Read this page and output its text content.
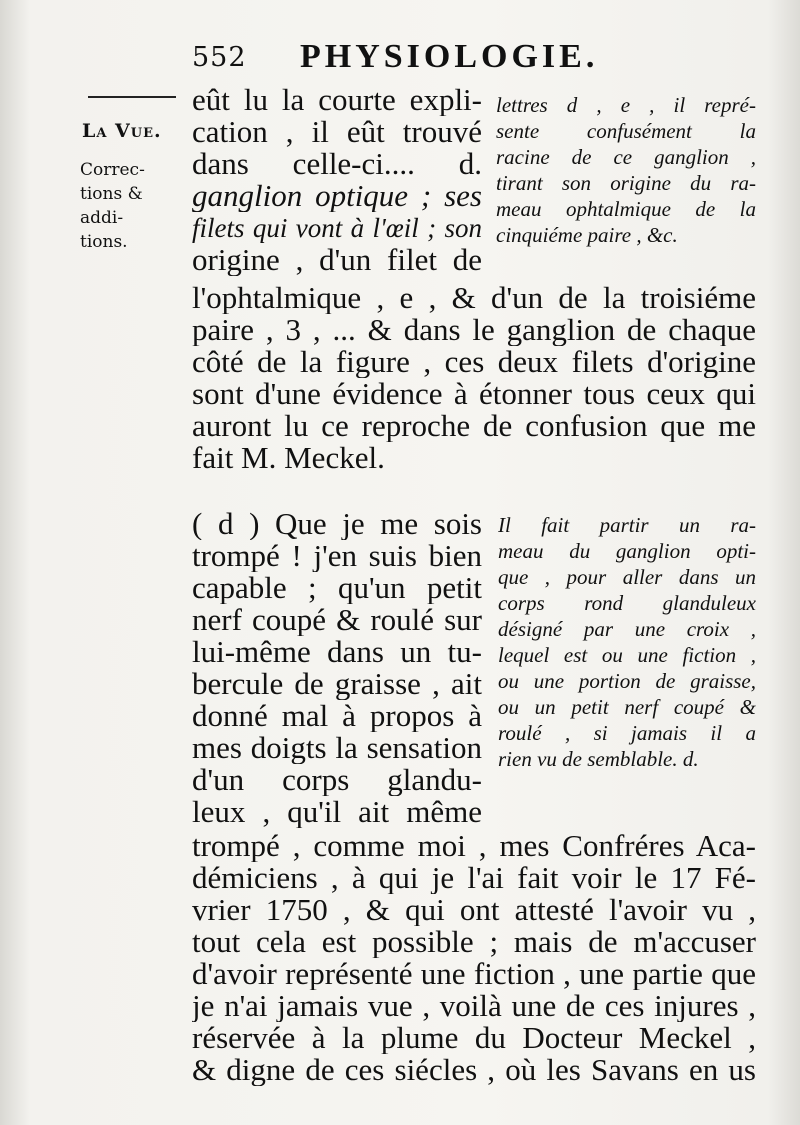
552 PHYSIOLOGIE.
La Vue.
Correc-
tions &
addi-
tions.
eût lu la courte expli-
cation , il eût trouvé
dans celle-ci.... d.
ganglion optique ; ses
filets qui vont à l'œil ; son
origine , d'un filet de
lettres d , e , il repré-
sente confusément la
racine de ce ganglion ,
tirant son origine du ra-
meau ophtalmique de la
cinquiéme paire , &c.
l'ophtalmique , e , & d'un de la troisiéme
paire , 3 , ... & dans le ganglion de chaque
côté de la figure , ces deux filets d'origine
sont d'une évidence à étonner tous ceux qui
auront lu ce reproche de confusion que me
fait M. Meckel.
( d ) Que je me sois
trompé ! j'en suis bien
capable ; qu'un petit
nerf coupé & roulé sur
lui-même dans un tu-
bercule de graisse , ait
donné mal à propos à
mes doigts la sensation
d'un corps glandu-
leux , qu'il ait même
Il fait partir un ra-
meau du ganglion opti-
que , pour aller dans un
corps rond glanduleux
désigné par une croix ,
lequel est ou une fiction ,
ou une portion de graisse,
ou un petit nerf coupé &
roulé , si jamais il a
rien vu de semblable. d.
trompé , comme moi , mes Confréres Aca-
démiciens , à qui je l'ai fait voir le 17 Fé-
vrier 1750 , & qui ont attesté l'avoir vu ,
tout cela est possible ; mais de m'accuser
d'avoir représenté une fiction , une partie que
je n'ai jamais vue , voilà une de ces injures ,
réservée à la plume du Docteur Meckel ,
& digne de ces siécles , où les Savans en us
